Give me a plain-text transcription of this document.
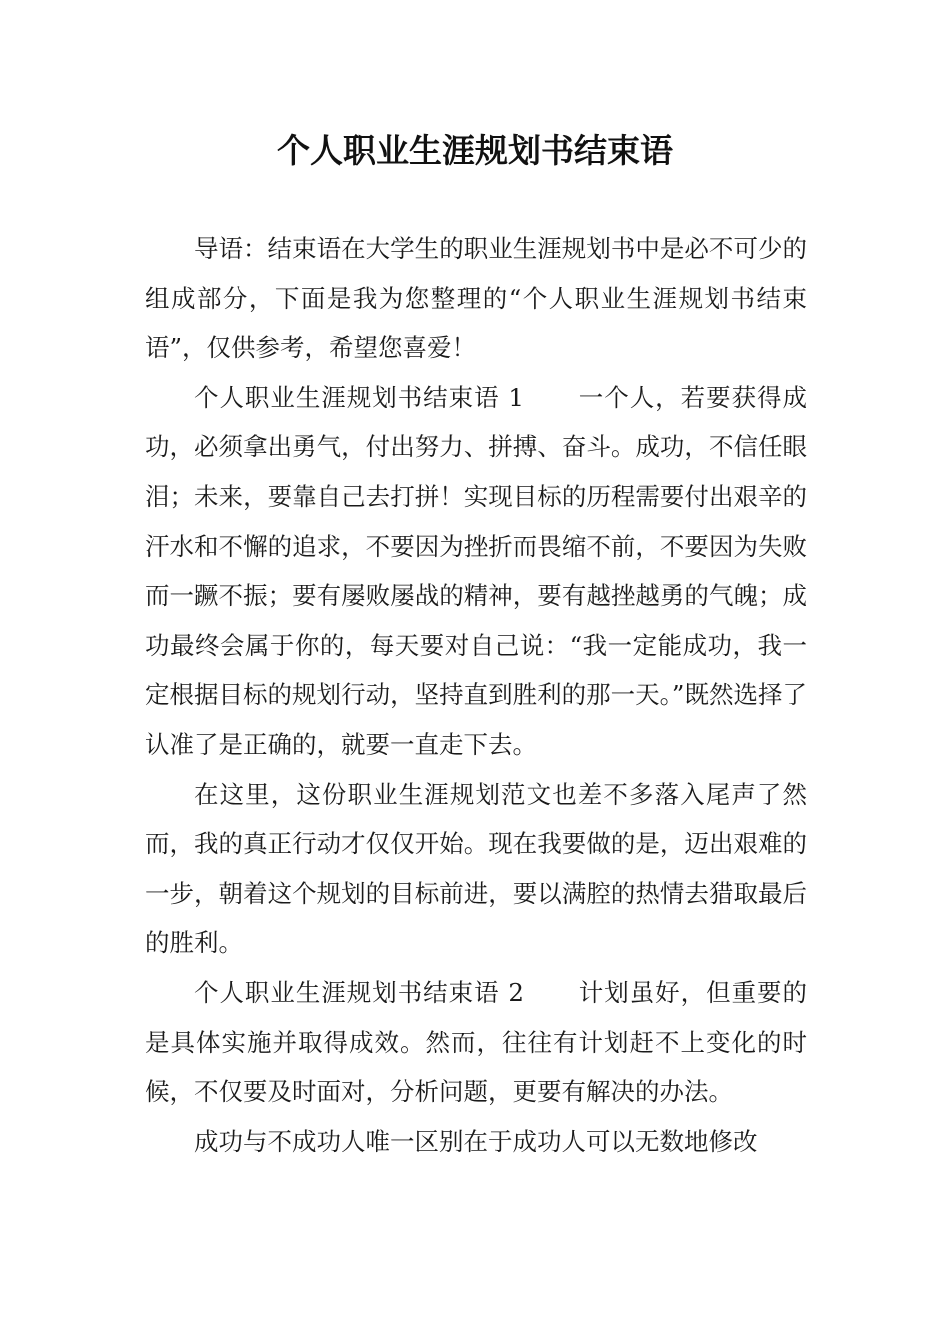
个人职业生涯规划书结束语

导语：结束语在大学生的职业生涯规划书中是必不可少的组成部分，下面是我为您整理的“个人职业生涯规划书结束语”，仅供参考，希望您喜爱！

个人职业生涯规划书结束语 1 一个人，若要获得成功，必须拿出勇气，付出努力、拼搏、奋斗。成功，不信任眼泪；未来，要靠自己去打拼！实现目标的历程需要付出艰辛的汗水和不懈的追求，不要因为挫折而畏缩不前，不要因为失败而一蹶不振；要有屡败屡战的精神，要有越挫越勇的气魄；成功最终会属于你的，每天要对自己说：“我一定能成功，我一定根据目标的规划行动，坚持直到胜利的那一天。”既然选择了认准了是正确的，就要一直走下去。

在这里，这份职业生涯规划范文也差不多落入尾声了然而，我的真正行动才仅仅开始。现在我要做的是，迈出艰难的一步，朝着这个规划的目标前进，要以满腔的热情去猎取最后的胜利。

个人职业生涯规划书结束语 2 计划虽好，但重要的是具体实施并取得成效。然而，往往有计划赶不上变化的时候，不仅要及时面对，分析问题，更要有解决的办法。

成功与不成功人唯一区别在于成功人可以无数地修改
